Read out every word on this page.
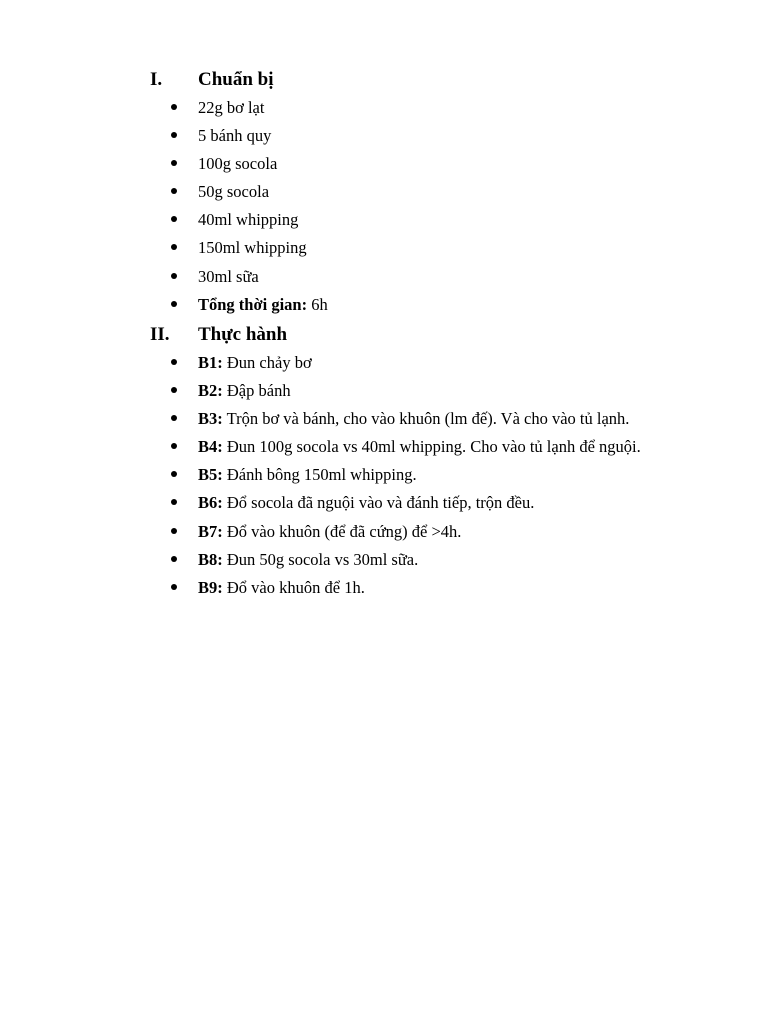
I. Chuẩn bị
22g bơ lạt
5 bánh quy
100g socola
50g socola
40ml whipping
150ml whipping
30ml sữa
Tổng thời gian: 6h
II. Thực hành
B1: Đun chảy bơ
B2: Đập bánh
B3: Trộn bơ và bánh, cho vào khuôn (lm đế). Và cho vào tủ lạnh.
B4: Đun 100g socola vs 40ml whipping. Cho vào tủ lạnh để nguội.
B5: Đánh bông 150ml whipping.
B6: Đổ socola đã nguội vào và đánh tiếp, trộn đều.
B7: Đổ vào khuôn (để đã cứng) để >4h.
B8: Đun 50g socola vs 30ml sữa.
B9: Đổ vào khuôn để 1h.
